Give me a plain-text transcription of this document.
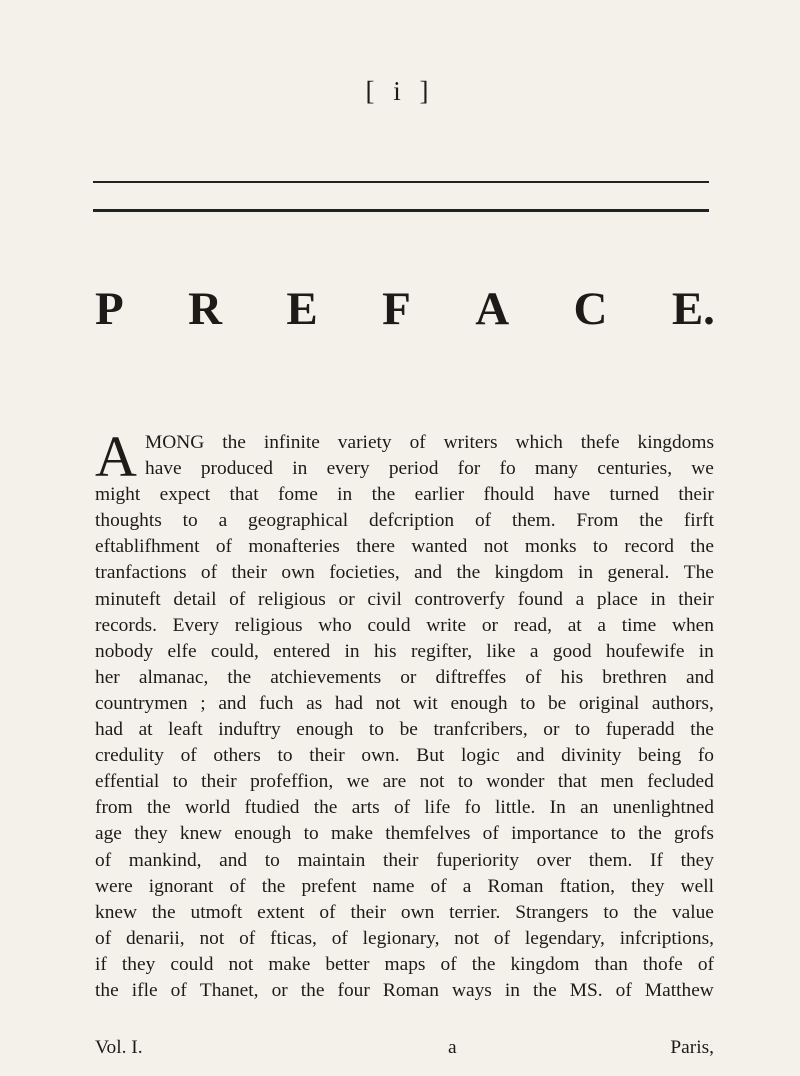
[ i ]
P R E F A C E.
A MONG the infinite variety of writers which thefe kingdoms
have produced in every period for fo many centuries, we
might expect that fome in the earlier fhould have turned their
thoughts to a geographical defcription of them. From the firft
eftablifhment of monafteries there wanted not monks to record the
tranfactions of their own focieties, and the kingdom in general. The
minuteft detail of religious or civil controverfy found a place in their
records. Every religious who could write or read, at a time when
nobody elfe could, entered in his regifter, like a good houfewife in
her almanac, the atchievements or diftreffes of his brethren and
countrymen ; and fuch as had not wit enough to be original authors,
had at leaft induftry enough to be tranfcribers, or to fuperadd the
credulity of others to their own. But logic and divinity being fo
effential to their profeffion, we are not to wonder that men fecluded
from the world ftudied the arts of life fo little. In an unenlightned
age they knew enough to make themfelves of importance to the grofs
of mankind, and to maintain their fuperiority over them. If they
were ignorant of the prefent name of a Roman ftation, they well
knew the utmoft extent of their own terrier. Strangers to the value
of denarii, not of fticas, of legionary, not of legendary, infcriptions,
if they could not make better maps of the kingdom than thofe of
the ifle of Thanet, or the four Roman ways in the MS. of Matthew
Vol. I.	a	Paris,
